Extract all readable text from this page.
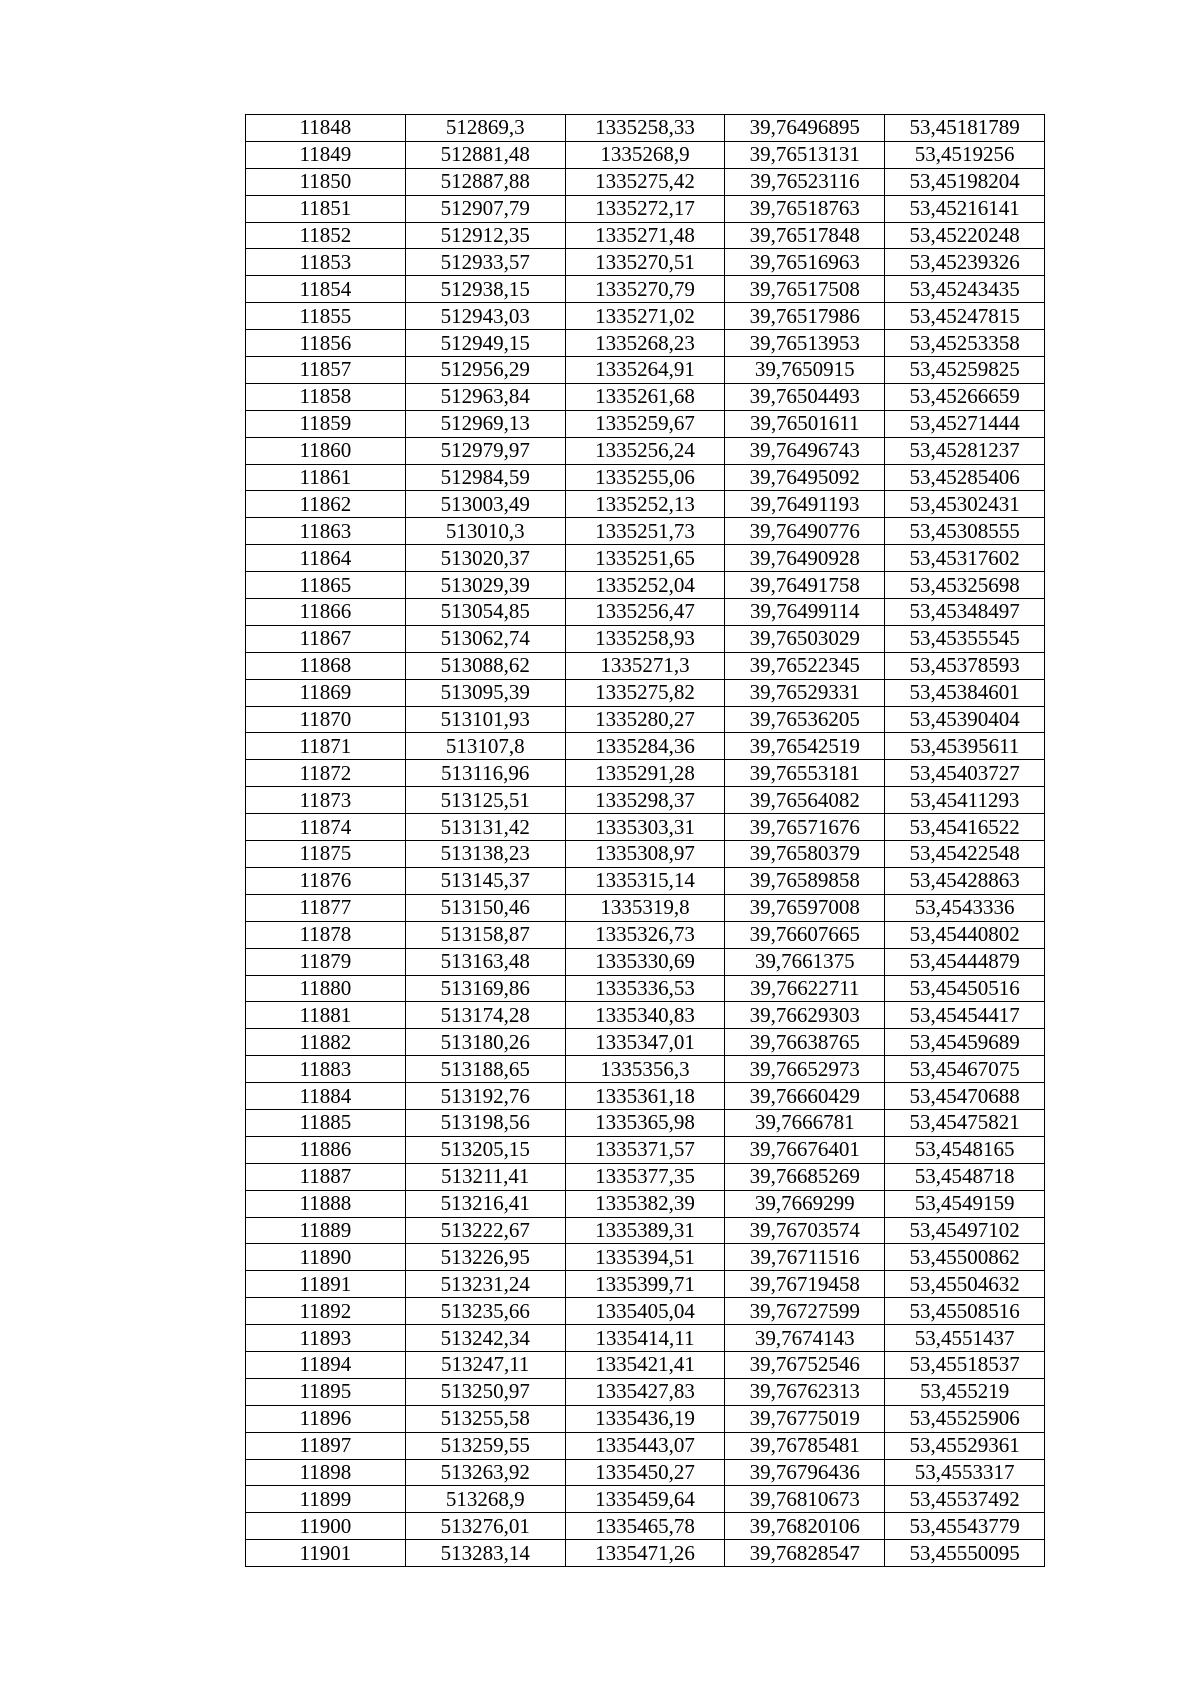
11848	512869,3	1335258,33	39,76496895	53,45181789
11849	512881,48	1335268,9	39,76513131	53,4519256
11850	512887,88	1335275,42	39,76523116	53,45198204
11851	512907,79	1335272,17	39,76518763	53,45216141
11852	512912,35	1335271,48	39,76517848	53,45220248
11853	512933,57	1335270,51	39,76516963	53,45239326
11854	512938,15	1335270,79	39,76517508	53,45243435
11855	512943,03	1335271,02	39,76517986	53,45247815
11856	512949,15	1335268,23	39,76513953	53,45253358
11857	512956,29	1335264,91	39,7650915	53,45259825
11858	512963,84	1335261,68	39,76504493	53,45266659
11859	512969,13	1335259,67	39,76501611	53,45271444
11860	512979,97	1335256,24	39,76496743	53,45281237
11861	512984,59	1335255,06	39,76495092	53,45285406
11862	513003,49	1335252,13	39,76491193	53,45302431
11863	513010,3	1335251,73	39,76490776	53,45308555
11864	513020,37	1335251,65	39,76490928	53,45317602
11865	513029,39	1335252,04	39,76491758	53,45325698
11866	513054,85	1335256,47	39,76499114	53,45348497
11867	513062,74	1335258,93	39,76503029	53,45355545
11868	513088,62	1335271,3	39,76522345	53,45378593
11869	513095,39	1335275,82	39,76529331	53,45384601
11870	513101,93	1335280,27	39,76536205	53,45390404
11871	513107,8	1335284,36	39,76542519	53,45395611
11872	513116,96	1335291,28	39,76553181	53,45403727
11873	513125,51	1335298,37	39,76564082	53,45411293
11874	513131,42	1335303,31	39,76571676	53,45416522
11875	513138,23	1335308,97	39,76580379	53,45422548
11876	513145,37	1335315,14	39,76589858	53,45428863
11877	513150,46	1335319,8	39,76597008	53,4543336
11878	513158,87	1335326,73	39,76607665	53,45440802
11879	513163,48	1335330,69	39,7661375	53,45444879
11880	513169,86	1335336,53	39,76622711	53,45450516
11881	513174,28	1335340,83	39,76629303	53,45454417
11882	513180,26	1335347,01	39,76638765	53,45459689
11883	513188,65	1335356,3	39,76652973	53,45467075
11884	513192,76	1335361,18	39,76660429	53,45470688
11885	513198,56	1335365,98	39,7666781	53,45475821
11886	513205,15	1335371,57	39,76676401	53,4548165
11887	513211,41	1335377,35	39,76685269	53,4548718
11888	513216,41	1335382,39	39,7669299	53,4549159
11889	513222,67	1335389,31	39,76703574	53,45497102
11890	513226,95	1335394,51	39,76711516	53,45500862
11891	513231,24	1335399,71	39,76719458	53,45504632
11892	513235,66	1335405,04	39,76727599	53,45508516
11893	513242,34	1335414,11	39,7674143	53,4551437
11894	513247,11	1335421,41	39,76752546	53,45518537
11895	513250,97	1335427,83	39,76762313	53,455219
11896	513255,58	1335436,19	39,76775019	53,45525906
11897	513259,55	1335443,07	39,76785481	53,45529361
11898	513263,92	1335450,27	39,76796436	53,4553317
11899	513268,9	1335459,64	39,76810673	53,45537492
11900	513276,01	1335465,78	39,76820106	53,45543779
11901	513283,14	1335471,26	39,76828547	53,45550095
